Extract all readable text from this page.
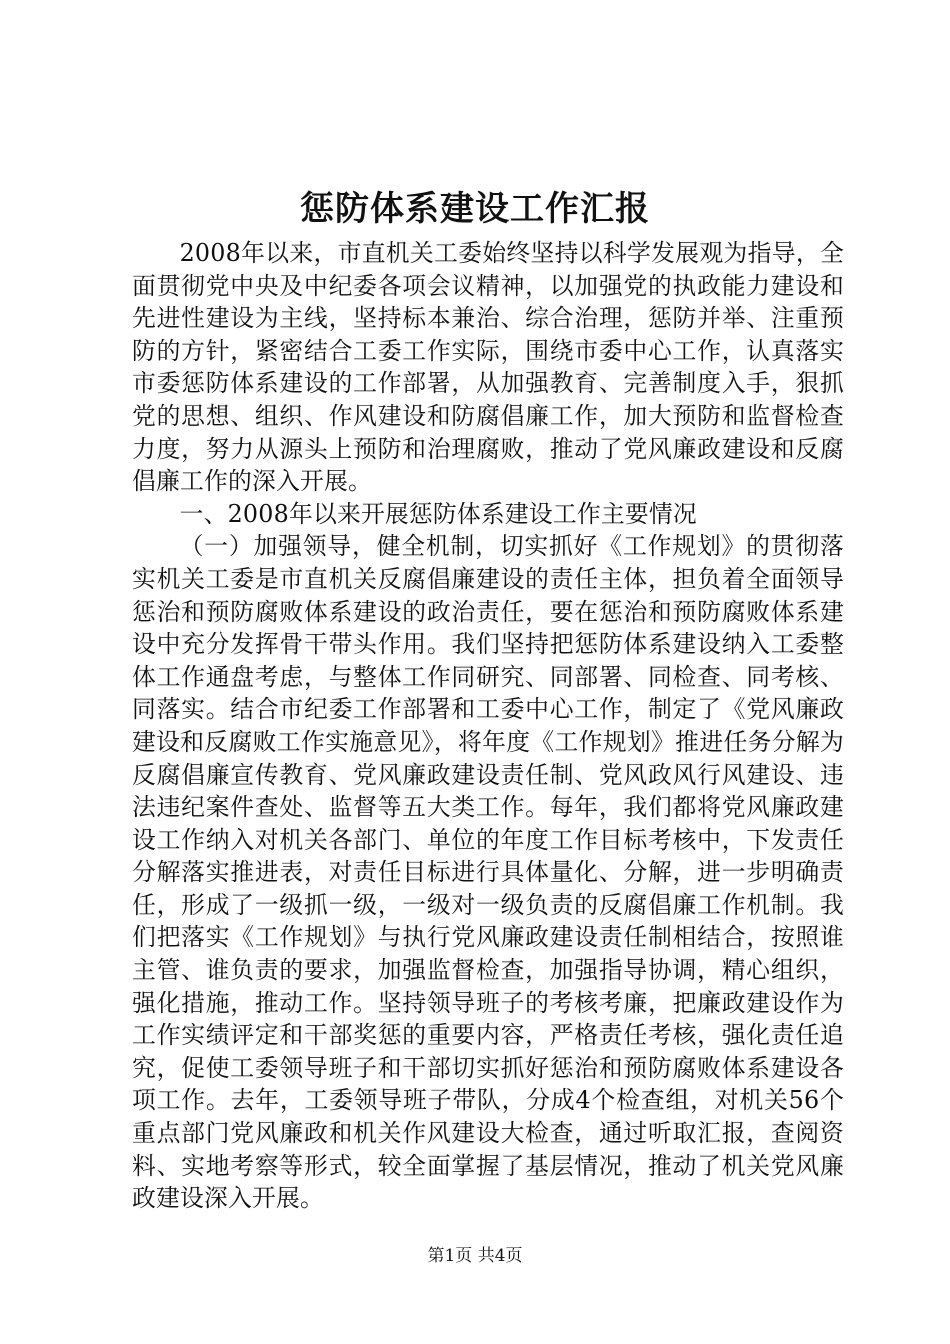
惩防体系建设工作汇报

2008年以来，市直机关工委始终坚持以科学发展观为指导，全面贯彻党中央及中纪委各项会议精神，以加强党的执政能力建设和先进性建设为主线，坚持标本兼治、综合治理，惩防并举、注重预防的方针，紧密结合工委工作实际，围绕市委中心工作，认真落实市委惩防体系建设的工作部署，从加强教育、完善制度入手，狠抓党的思想、组织、作风建设和防腐倡廉工作，加大预防和监督检查力度，努力从源头上预防和治理腐败，推动了党风廉政建设和反腐倡廉工作的深入开展。

一、2008年以来开展惩防体系建设工作主要情况

（一）加强领导，健全机制，切实抓好《工作规划》的贯彻落实机关工委是市直机关反腐倡廉建设的责任主体，担负着全面领导惩治和预防腐败体系建设的政治责任，要在惩治和预防腐败体系建设中充分发挥骨干带头作用。我们坚持把惩防体系建设纳入工委整体工作通盘考虑，与整体工作同研究、同部署、同检查、同考核、同落实。结合市纪委工作部署和工委中心工作，制定了《党风廉政建设和反腐败工作实施意见》，将年度《工作规划》推进任务分解为反腐倡廉宣传教育、党风廉政建设责任制、党风政风行风建设、违法违纪案件查处、监督等五大类工作。每年，我们都将党风廉政建设工作纳入对机关各部门、单位的年度工作目标考核中，下发责任分解落实推进表，对责任目标进行具体量化、分解，进一步明确责任，形成了一级抓一级，一级对一级负责的反腐倡廉工作机制。我们把落实《工作规划》与执行党风廉政建设责任制相结合，按照谁主管、谁负责的要求，加强监督检查，加强指导协调，精心组织，强化措施，推动工作。坚持领导班子的考核考廉，把廉政建设作为工作实绩评定和干部奖惩的重要内容，严格责任考核，强化责任追究，促使工委领导班子和干部切实抓好惩治和预防腐败体系建设各项工作。去年，工委领导班子带队，分成4个检查组，对机关56个重点部门党风廉政和机关作风建设大检查，通过听取汇报，查阅资料、实地考察等形式，较全面掌握了基层情况，推动了机关党风廉政建设深入开展。

第1页 共4页
